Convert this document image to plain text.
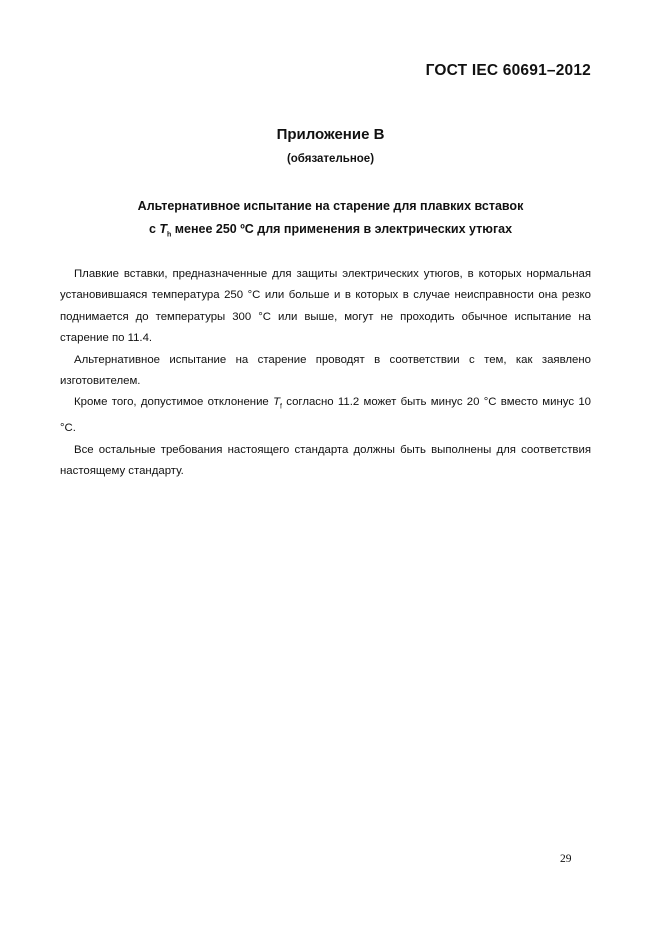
ГОСТ IEC 60691–2012
Приложение В
(обязательное)
Альтернативное испытание на старение для плавких вставок
с $T_h$ менее 250 ºС для применения в электрических утюгах

Плавкие вставки, предназначенные для защиты электрических утюгов, в которых нормальная установившаяся температура 250 °С или больше и в которых в случае неисправности она резко поднимается до температуры 300 °С или выше, могут не проходить обычное испытание на старение по 11.4.

Альтернативное испытание на старение проводят в соответствии с тем, как заявлено изготовителем.

Кроме того, допустимое отклонение $T_f$ согласно 11.2 может быть минус 20 °С вместо минус 10 °С.

Все остальные требования настоящего стандарта должны быть выполнены для соответствия настоящему стандарту.

29
